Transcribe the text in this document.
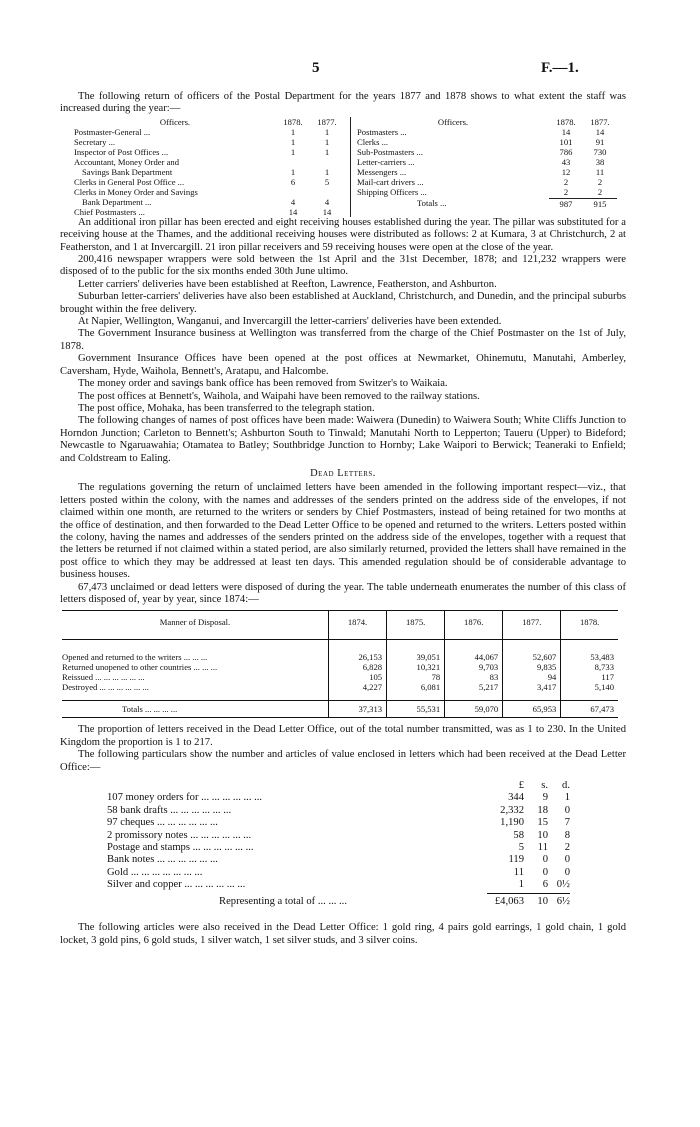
5	F.—1.

The following return of officers of the Postal Department for the years 1877 and 1878 shows to what extent the staff was increased during the year:—

Officers.	1878.	1877.
Postmaster-General ...	1	1
Secretary ...	1	1
Inspector of Post Offices ...	1	1
Accountant, Money Order and
Savings Bank Department	1	1
Clerks in General Post Office ...	6	5
Clerks in Money Order and Savings
Bank Department ...	4	4
Chief Postmasters ...	14	14
Officers.	1878.	1877.
Postmasters ...	14	14
Clerks ...	101	91
Sub-Postmasters ...	786	730
Letter-carriers ...	43	38
Messengers ...	12	11
Mail-cart drivers ...	2	2
Shipping Officers ...	2	2
Totals ...	987	915

An additional iron pillar has been erected and eight receiving houses established during the year. The pillar was substituted for a receiving house at the Thames, and the additional receiving houses were distributed as follows: 2 at Kumara, 3 at Christchurch, 2 at Featherston, and 1 at Invercargill. 21 iron pillar receivers and 59 receiving houses were open at the close of the year.

200,416 newspaper wrappers were sold between the 1st April and the 31st December, 1878; and 121,232 wrappers were disposed of to the public for the six months ended 30th June ultimo.

Letter carriers' deliveries have been established at Reefton, Lawrence, Featherston, and Ashburton.

Suburban letter-carriers' deliveries have also been established at Auckland, Christchurch, and Dunedin, and the principal suburbs brought within the free delivery.

At Napier, Wellington, Wanganui, and Invercargill the letter-carriers' deliveries have been extended.

The Government Insurance business at Wellington was transferred from the charge of the Chief Postmaster on the 1st of July, 1878.

Government Insurance Offices have been opened at the post offices at Newmarket, Ohinemutu, Manutahi, Amberley, Caversham, Hyde, Waihola, Bennett's, Aratapu, and Halcombe.

The money order and savings bank office has been removed from Switzer's to Waikaia.

The post offices at Bennett's, Waihola, and Waipahi have been removed to the railway stations.

The post office, Mohaka, has been transferred to the telegraph station.

The following changes of names of post offices have been made: Waiwera (Dunedin) to Waiwera South; White Cliffs Junction to Horndon Junction; Carleton to Bennett's; Ashburton South to Tinwald; Manutahi North to Lepperton; Taueru (Upper) to Bideford; Newcastle to Ngaruawahia; Otamatea to Batley; Southbridge Junction to Hornby; Lake Waipori to Berwick; Teaneraki to Enfield; and Coldstream to Ealing.

Dead Letters.

The regulations governing the return of unclaimed letters have been amended in the following important respect—viz., that letters posted within the colony, with the names and addresses of the senders printed on the address side of the envelopes, if not claimed within one month, are returned to the writers or senders by Chief Postmasters, instead of being retained for two months at the office of destination, and then forwarded to the Dead Letter Office to be opened and returned to the writers. Letters posted within the colony, having the names and addresses of the senders printed on the address side of the envelopes, together with a request that the letters be returned if not claimed within a stated period, are also similarly returned, provided the letters shall have remained in the post office to which they may be addressed at least ten days. This amended regulation should be of considerable advantage to business houses.

67,473 unclaimed or dead letters were disposed of during the year. The table underneath enumerates the number of this class of letters disposed of, year by year, since 1874:—

Manner of Disposal.	1874.	1875.	1876.	1877.	1878.
Opened and returned to the writers ... ... ...	26,153	39,051	44,067	52,607	53,483
Returned unopened to other countries ... ... ...	6,828	10,321	9,703	9,835	8,733
Reissued ... ... ... ... ... ...	105	78	83	94	117
Destroyed ... ... ... ... ... ...	4,227	6,081	5,217	3,417	5,140
Totals ... ... ... ...	37,313	55,531	59,070	65,953	67,473

The proportion of letters received in the Dead Letter Office, out of the total number transmitted, was as 1 to 230. In the United Kingdom the proportion is 1 to 217.

The following particulars show the number and articles of value enclosed in letters which had been received at the Dead Letter Office:—

£	s.	d.
107 money orders for ... ... ... ... ... ...	344	9	1
58 bank drafts ... ... ... ... ... ...	2,332	18	0
97 cheques ... ... ... ... ... ...	1,190	15	7
2 promissory notes ... ... ... ... ... ...	58	10	8
Postage and stamps ... ... ... ... ... ...	5	11	2
Bank notes ... ... ... ... ... ...	119	0	0
Gold ... ... ... ... ... ... ...	11	0	0
Silver and copper ... ... ... ... ... ...	1	6 0½
Representing a total of ... ... ...	£4,063	10 6½

The following articles were also received in the Dead Letter Office: 1 gold ring, 4 pairs gold earrings, 1 gold chain, 1 gold locket, 3 gold pins, 6 gold studs, 1 silver watch, 1 set silver studs, and 3 silver coins.
